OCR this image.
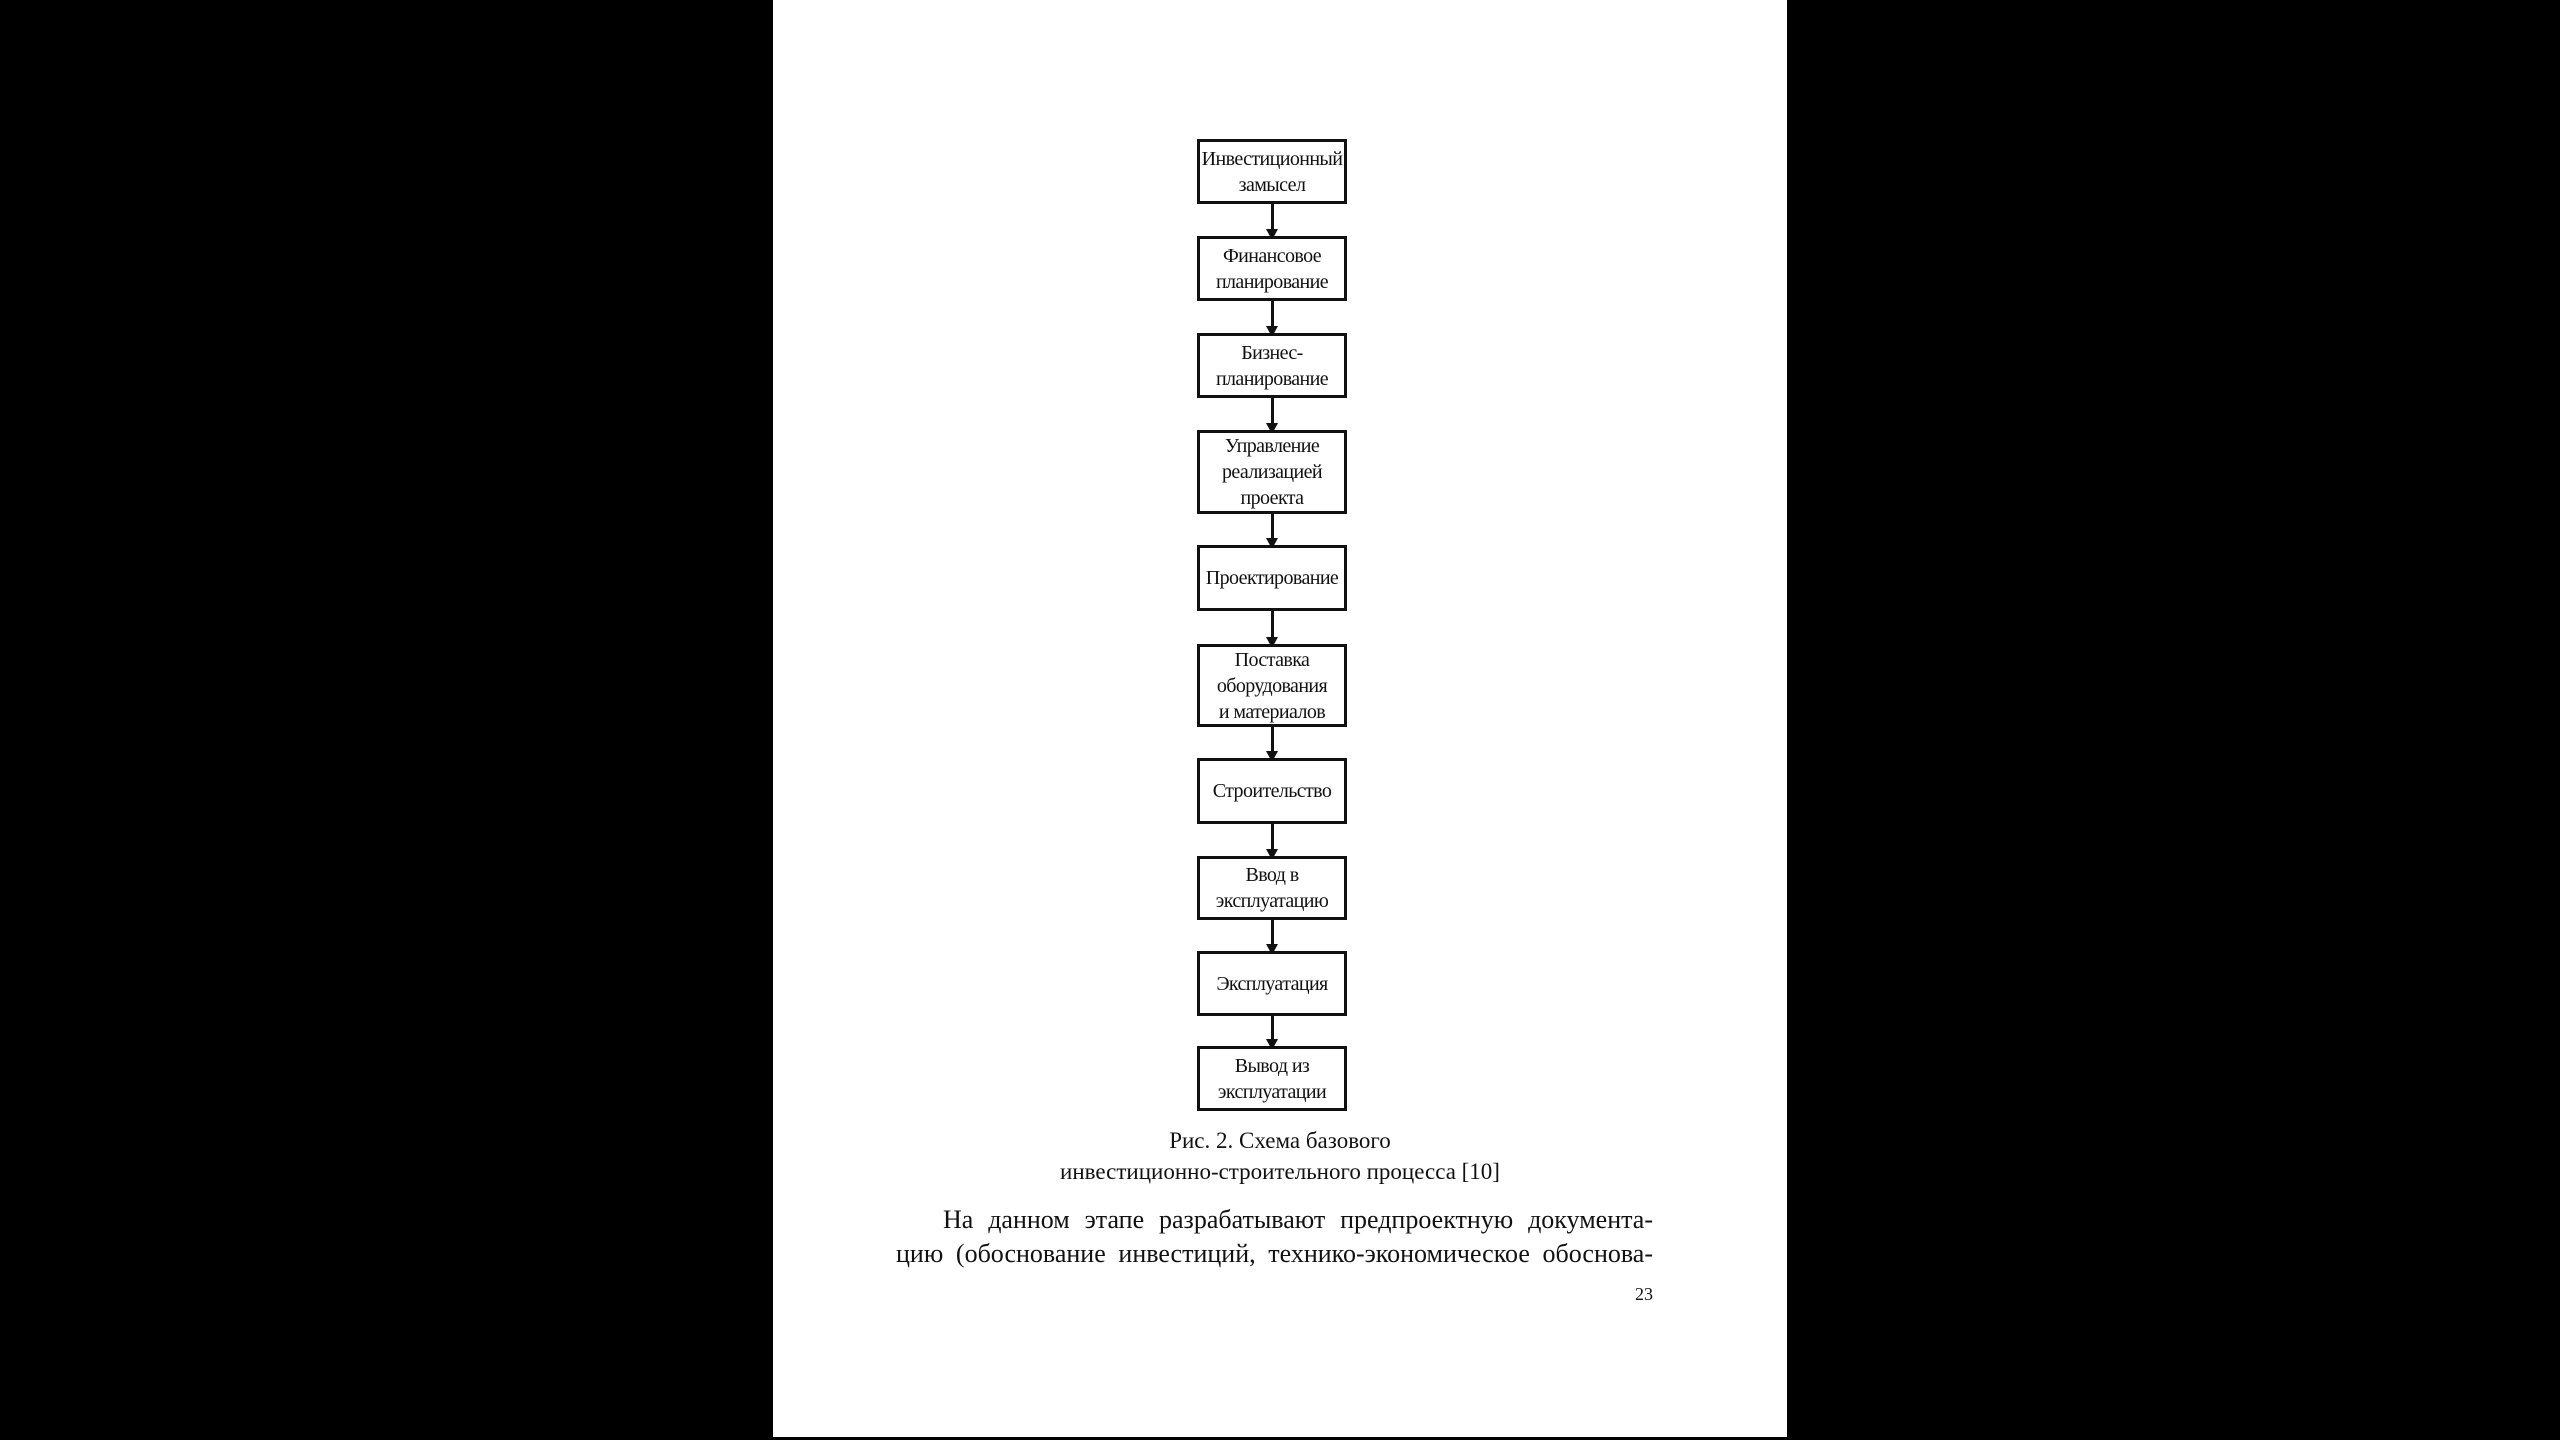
Инвестиционный
замысел
Финансовое
планирование
Бизнес-
планирование
Управление
реализацией
проекта
Проектирование
Поставка
оборудования
и материалов
Строительство
Ввод в
эксплуатацию
Эксплуатация
Вывод из
эксплуатации
Рис. 2. Схема базового
инвестиционно-строительного процесса [10]
На данном этапе разрабатывают предпроектную документа-
цию (обоснование инвестиций, технико-экономическое обоснова-
23
